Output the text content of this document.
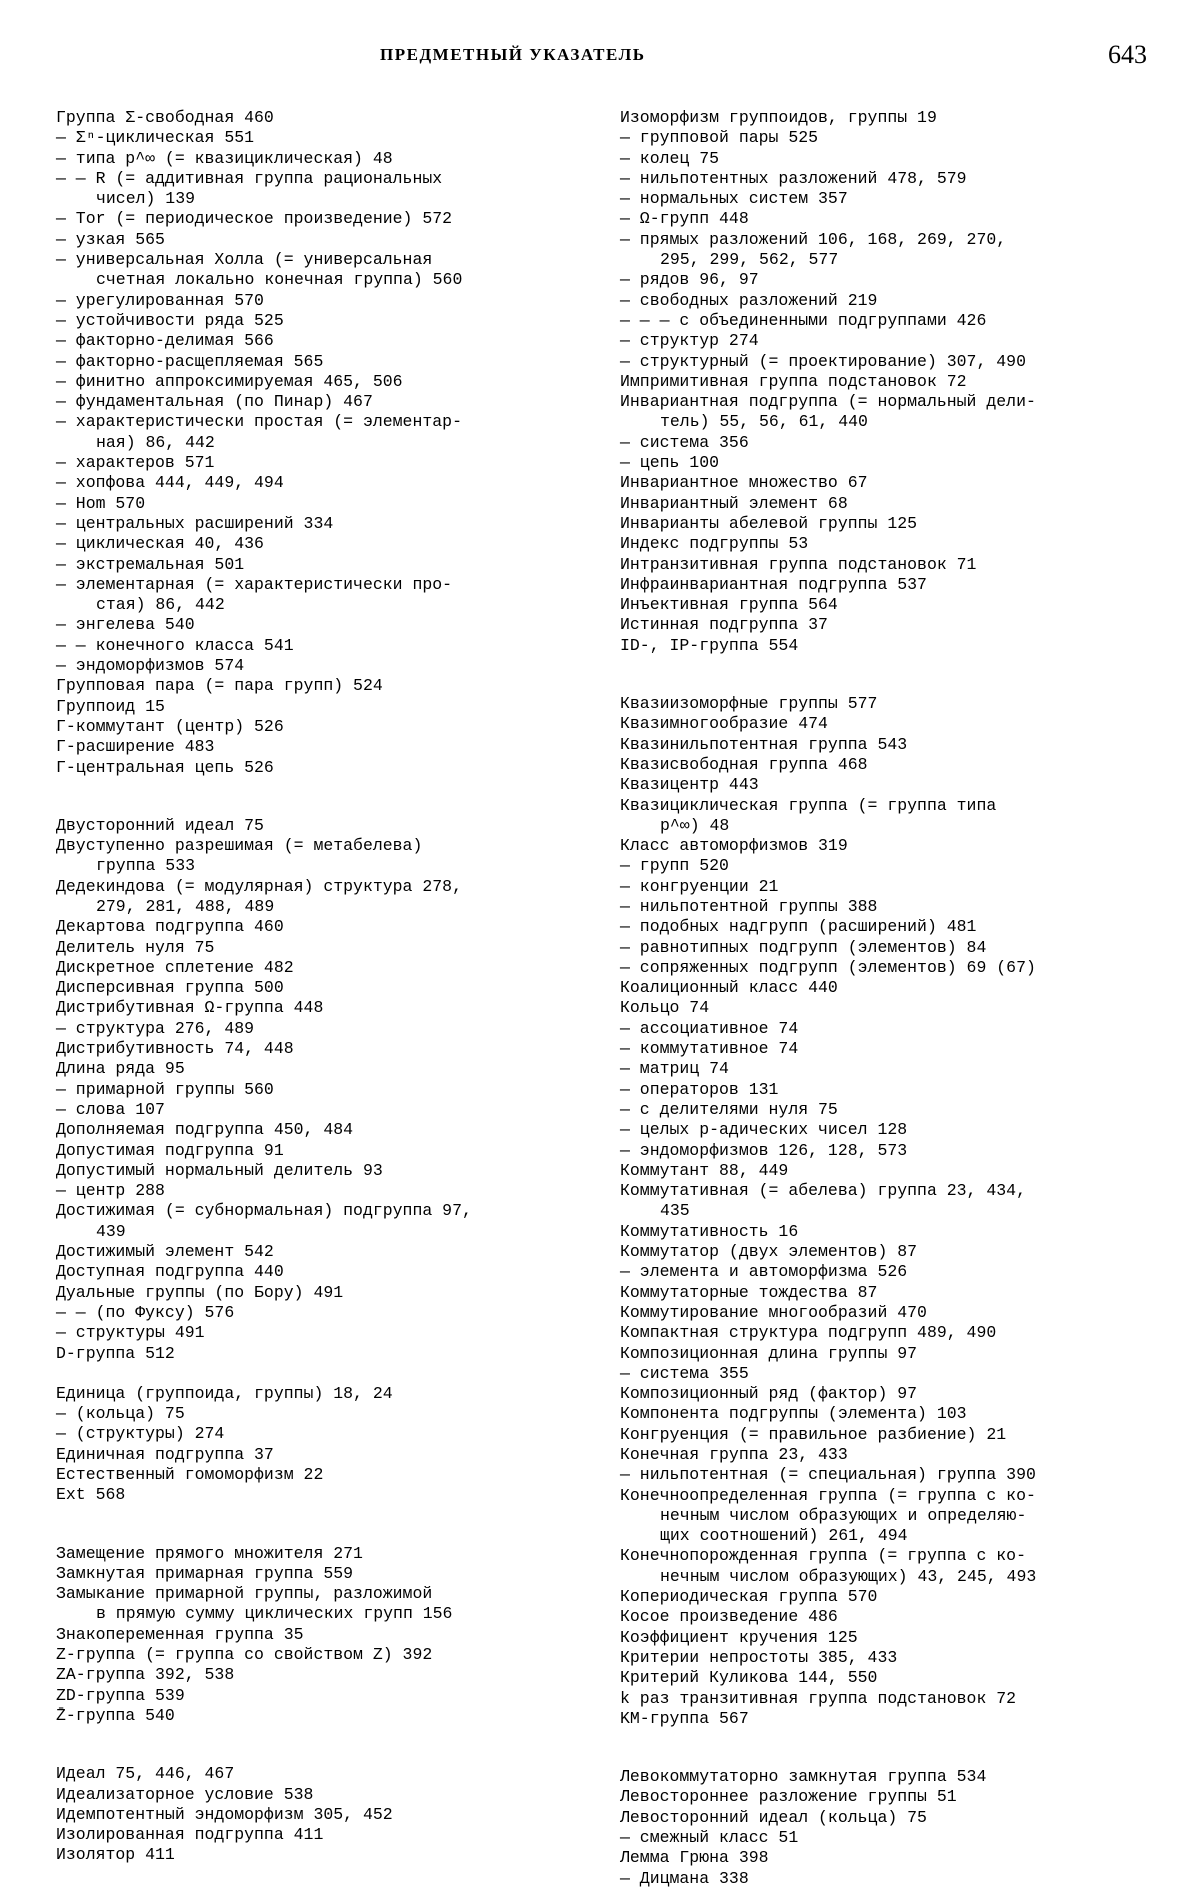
ПРЕДМЕТНЫЙ УКАЗАТЕЛЬ	643
Группа Σ-свободная 460
— Σⁿ-циклическая 551
— типа p^∞ (= квазициклическая) 48
— — R (= аддитивная группа рациональных
чисел) 139
— Tor (= периодическое произведение) 572
— узкая 565
— универсальная Холла (= универсальная
счетная локально конечная группа) 560
— урегулированная 570
— устойчивости ряда 525
— факторно-делимая 566
— факторно-расщепляемая 565
— финитно аппроксимируемая 465, 506
— фундаментальная (по Пинар) 467
— характеристически простая (= элементар-
ная) 86, 442
— характеров 571
— хопфова 444, 449, 494
— Hom 570
— центральных расширений 334
— циклическая 40, 436
— экстремальная 501
— элементарная (= характеристически про-
стая) 86, 442
— энгелева 540
— — конечного класса 541
— эндоморфизмов 574
Групповая пара (= пара групп) 524
Группоид 15
Г-коммутант (центр) 526
Г-расширение 483
Г-центральная цепь 526
Двусторонний идеал 75
Двуступенно разрешимая (= метабелева)
группа 533
Дедекиндова (= модулярная) структура 278,
279, 281, 488, 489
Декартова подгруппа 460
Делитель нуля 75
Дискретное сплетение 482
Дисперсивная группа 500
Дистрибутивная Ω-группа 448
— структура 276, 489
Дистрибутивность 74, 448
Длина ряда 95
— примарной группы 560
— слова 107
Дополняемая подгруппа 450, 484
Допустимая подгруппа 91
Допустимый нормальный делитель 93
— центр 288
Достижимая (= субнормальная) подгруппа 97,
439
Достижимый элемент 542
Доступная подгруппа 440
Дуальные группы (по Бору) 491
— — (по Фуксу) 576
— структуры 491
D-группа 512
Единица (группоида, группы) 18, 24
— (кольца) 75
— (структуры) 274
Единичная подгруппа 37
Естественный гомоморфизм 22
Ext 568
Замещение прямого множителя 271
Замкнутая примарная группа 559
Замыкание примарной группы, разложимой
в прямую сумму циклических групп 156
Знакопеременная группа 35
Z-группа (= группа со свойством Z) 392
ZA-группа 392, 538
ZD-группа 539
Z̄-группа 540
Идеал 75, 446, 467
Идеализаторное условие 538
Идемпотентный эндоморфизм 305, 452
Изолированная подгруппа 411
Изолятор 411
Изоморфизм группоидов, группы 19
— групповой пары 525
— колец 75
— нильпотентных разложений 478, 579
— нормальных систем 357
— Ω-групп 448
— прямых разложений 106, 168, 269, 270,
295, 299, 562, 577
— рядов 96, 97
— свободных разложений 219
— — — с объединенными подгруппами 426
— структур 274
— структурный (= проектирование) 307, 490
Импримитивная группа подстановок 72
Инвариантная подгруппа (= нормальный дели-
тель) 55, 56, 61, 440
— система 356
— цепь 100
Инвариантное множество 67
Инвариантный элемент 68
Инварианты абелевой группы 125
Индекс подгруппы 53
Интранзитивная группа подстановок 71
Инфраинвариантная подгруппа 537
Инъективная группа 564
Истинная подгруппа 37
ID-, IP-группа 554
Квазиизоморфные группы 577
Квазимногообразие 474
Квазинильпотентная группа 543
Квазисвободная группа 468
Квазицентр 443
Квазициклическая группа (= группа типа
p^∞) 48
Класс автоморфизмов 319
— групп 520
— конгруенции 21
— нильпотентной группы 388
— подобных надгрупп (расширений) 481
— равнотипных подгрупп (элементов) 84
— сопряженных подгрупп (элементов) 69 (67)
Коалиционный класс 440
Кольцо 74
— ассоциативное 74
— коммутативное 74
— матриц 74
— операторов 131
— с делителями нуля 75
— целых p-адических чисел 128
— эндоморфизмов 126, 128, 573
Коммутант 88, 449
Коммутативная (= абелева) группа 23, 434,
435
Коммутативность 16
Коммутатор (двух элементов) 87
— элемента и автоморфизма 526
Коммутаторные тождества 87
Коммутирование многообразий 470
Компактная структура подгрупп 489, 490
Композиционная длина группы 97
— система 355
Композиционный ряд (фактор) 97
Компонента подгруппы (элемента) 103
Конгруенция (= правильное разбиение) 21
Конечная группа 23, 433
— нильпотентная (= специальная) группа 390
Конечноопределенная группа (= группа с ко-
нечным числом образующих и определяю-
щих соотношений) 261, 494
Конечнопорожденная группа (= группа с ко-
нечным числом образующих) 43, 245, 493
Копериодическая группа 570
Косое произведение 486
Коэффициент кручения 125
Критерии непростоты 385, 433
Критерий Куликова 144, 550
k раз транзитивная группа подстановок 72
KM-группа 567
Левокоммутаторно замкнутая группа 534
Левостороннее разложение группы 51
Левосторонний идеал (кольца) 75
— смежный класс 51
Лемма Грюна 398
— Дицмана 338
